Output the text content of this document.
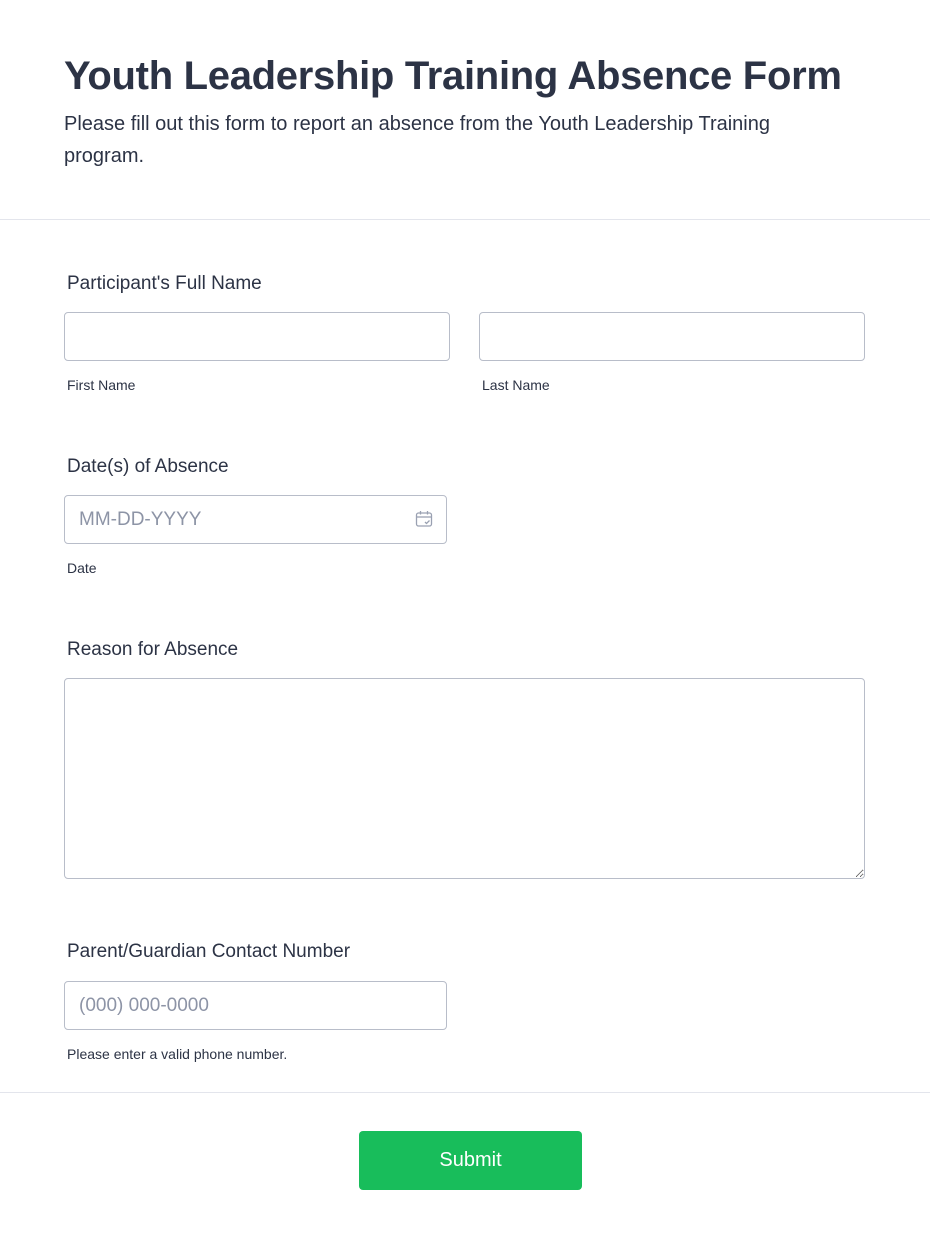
Youth Leadership Training Absence Form

Please fill out this form to report an absence from the Youth Leadership Training program.

Participant's Full Name
First Name	Last Name
Date(s) of Absence
MM-DD-YYYY
Date
Reason for Absence
Parent/Guardian Contact Number
(000) 000-0000
Please enter a valid phone number.
Submit
